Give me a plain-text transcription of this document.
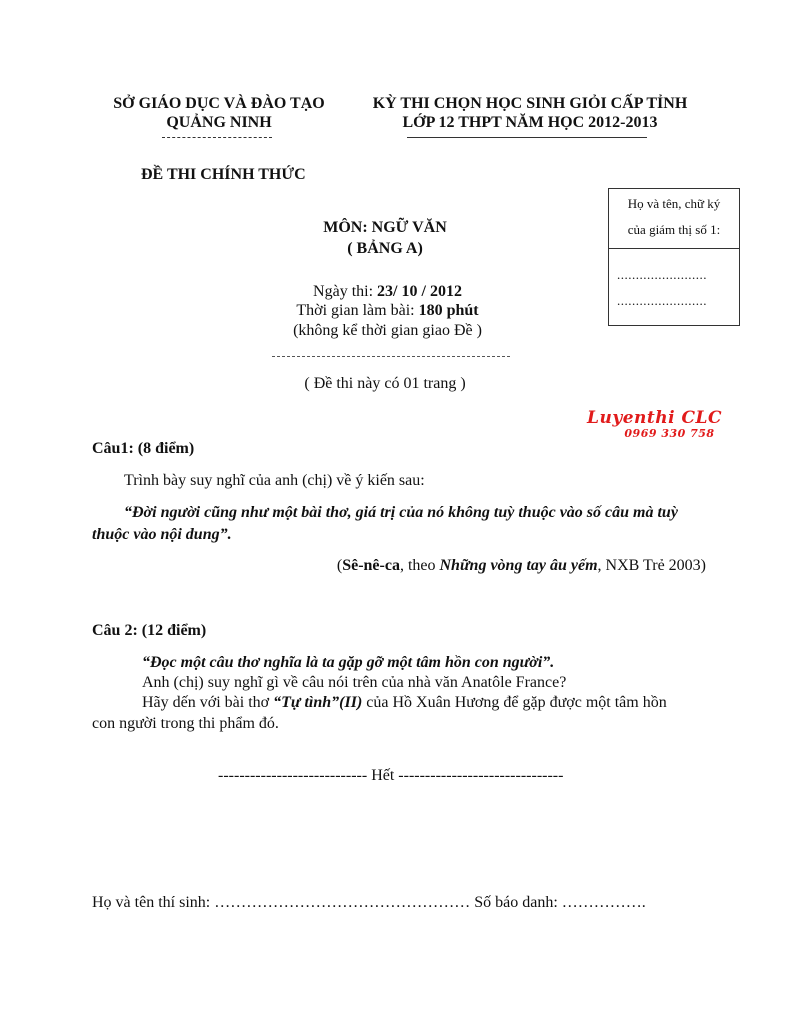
SỞ GIÁO DỤC VÀ ĐÀO TẠO
QUẢNG NINH
KỲ THI CHỌN HỌC SINH GIỎI CẤP TỈNH
LỚP 12 THPT NĂM HỌC 2012-2013
ĐỀ THI CHÍNH THỨC
Họ và tên, chữ ký
của giám thị số 1:
........................
........................
MÔN: NGỮ VĂN
( BẢNG A)
Ngày thi: 23/ 10 / 2012
Thời gian làm bài: 180 phút
(không kể thời gian giao Đề )
( Đề thi này có 01 trang )
Luyenthi CLC
0969 330 758
Câu1: (8 điểm)
Trình bày suy nghĩ của anh (chị) về ý kiến sau:
“Đời người cũng như một bài thơ, giá trị của nó không tuỳ thuộc vào số câu mà tuỳ
thuộc vào nội dung”.
(Sê-nê-ca, theo Những vòng tay âu yếm, NXB Trẻ 2003)
Câu 2: (12 điểm)
“Đọc một câu thơ nghĩa là ta gặp gỡ một tâm hồn con người”.
Anh (chị) suy nghĩ gì về câu nói trên của nhà văn Anatôle France?
Hãy dến với bài thơ “Tự tình”(II) của Hồ Xuân Hương để gặp được một tâm hồn
con người trong thi phẩm đó.
---------------------------- Hết -------------------------------
Họ và tên thí sinh: ………………………………………… Số báo danh: …………….
